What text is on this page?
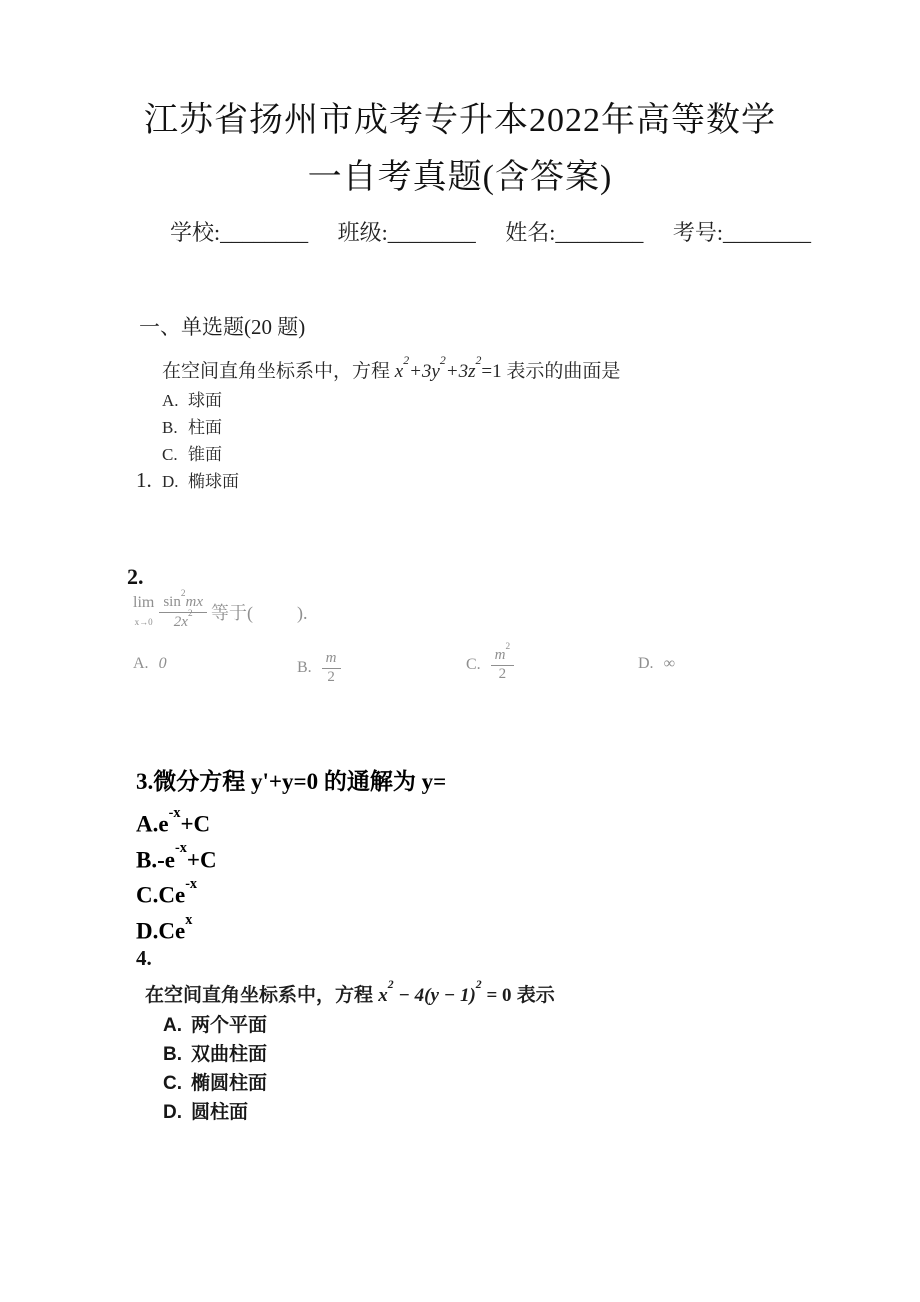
江苏省扬州市成考专升本2022年高等数学
一自考真题(含答案)
学校:________ 班级:________ 姓名:________ 考号:________
一、单选题(20 题)
在空间直角坐标系中，方程 $x^2+3y^2+3z^2=1$ 表示的曲面是
A. 球面
B. 柱面
C. 锥面
D. 椭球面
1.
2.
lim
$x\to 0 \frac{\sin^2mx}{2x^2}$ 等于( ).
A. 0	B. $\frac{m}{2}$	C. $\frac{m^2}{2}$	D. ∞
3.微分方程 y'+y=0 的通解为 y=
$A.e^{-x}+C$
$B.-e^{-x}+C$
$C.Ce^{-x}$
D.Ce$^x$
4.
在空间直角坐标系中，方程 $x^2 - 4(y - 1)^2 = 0$ 表示
A. 两个平面
B. 双曲柱面
C. 椭圆柱面
D. 圆柱面
